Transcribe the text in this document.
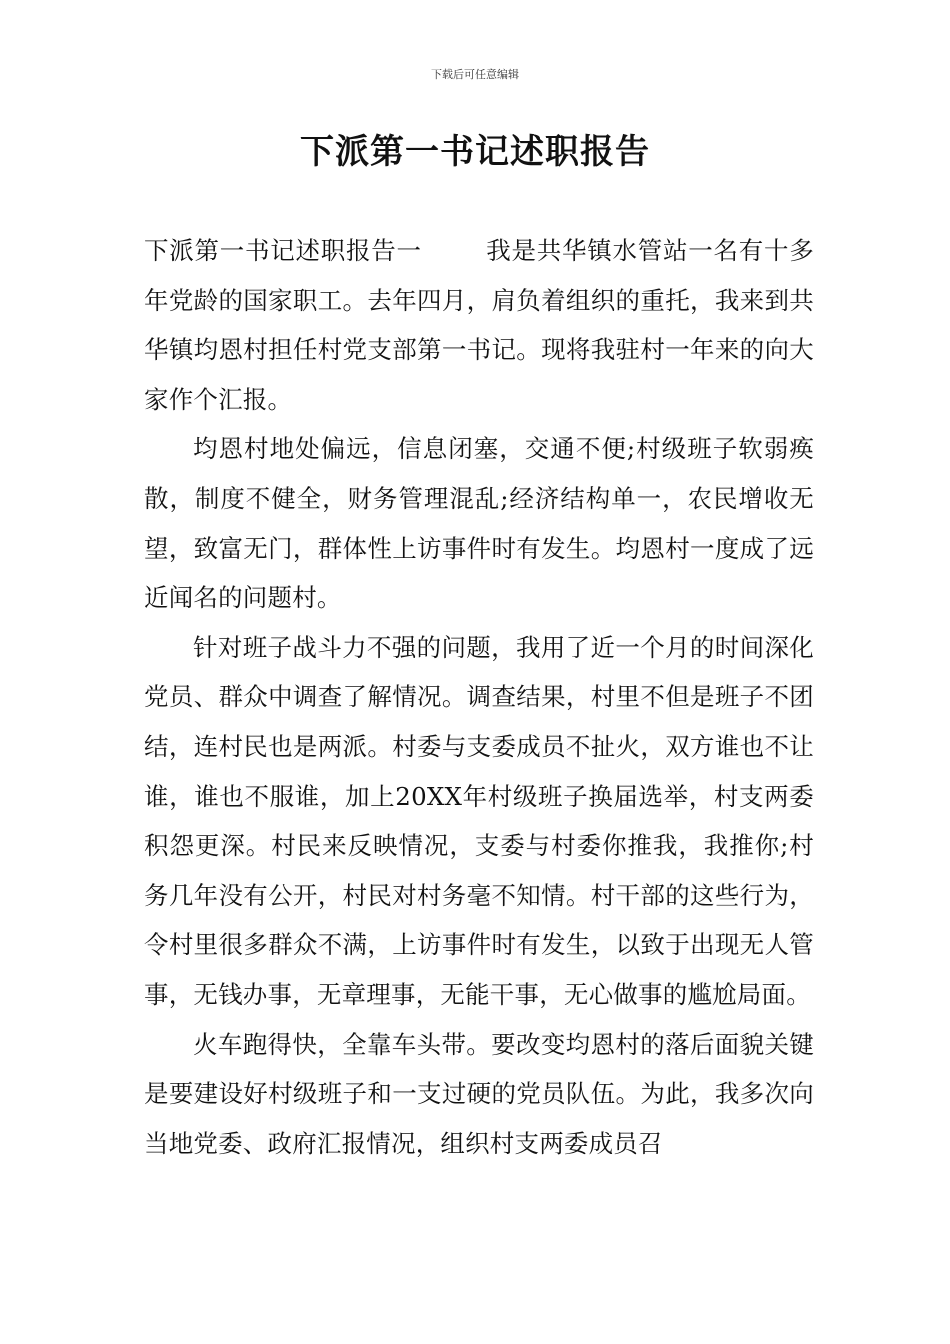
下载后可任意编辑
下派第一书记述职报告

下派第一书记述职报告一	我是共华镇水管站一名有十多年党龄的国家职工。去年四月，肩负着组织的重托，我来到共华镇均恩村担任村党支部第一书记。现将我驻村一年来的向大家作个汇报。

均恩村地处偏远，信息闭塞，交通不便;村级班子软弱痪散，制度不健全，财务管理混乱;经济结构单一，农民增收无望，致富无门，群体性上访事件时有发生。均恩村一度成了远近闻名的问题村。

针对班子战斗力不强的问题，我用了近一个月的时间深化党员、群众中调查了解情况。调查结果，村里不但是班子不团结，连村民也是两派。村委与支委成员不扯火，双方谁也不让谁，谁也不服谁，加上20XX年村级班子换届选举，村支两委积怨更深。村民来反映情况，支委与村委你推我，我推你;村务几年没有公开，村民对村务毫不知情。村干部的这些行为，令村里很多群众不满，上访事件时有发生，以致于出现无人管事，无钱办事，无章理事，无能干事，无心做事的尴尬局面。

火车跑得快，全靠车头带。要改变均恩村的落后面貌关键是要建设好村级班子和一支过硬的党员队伍。为此，我多次向当地党委、政府汇报情况，组织村支两委成员召
